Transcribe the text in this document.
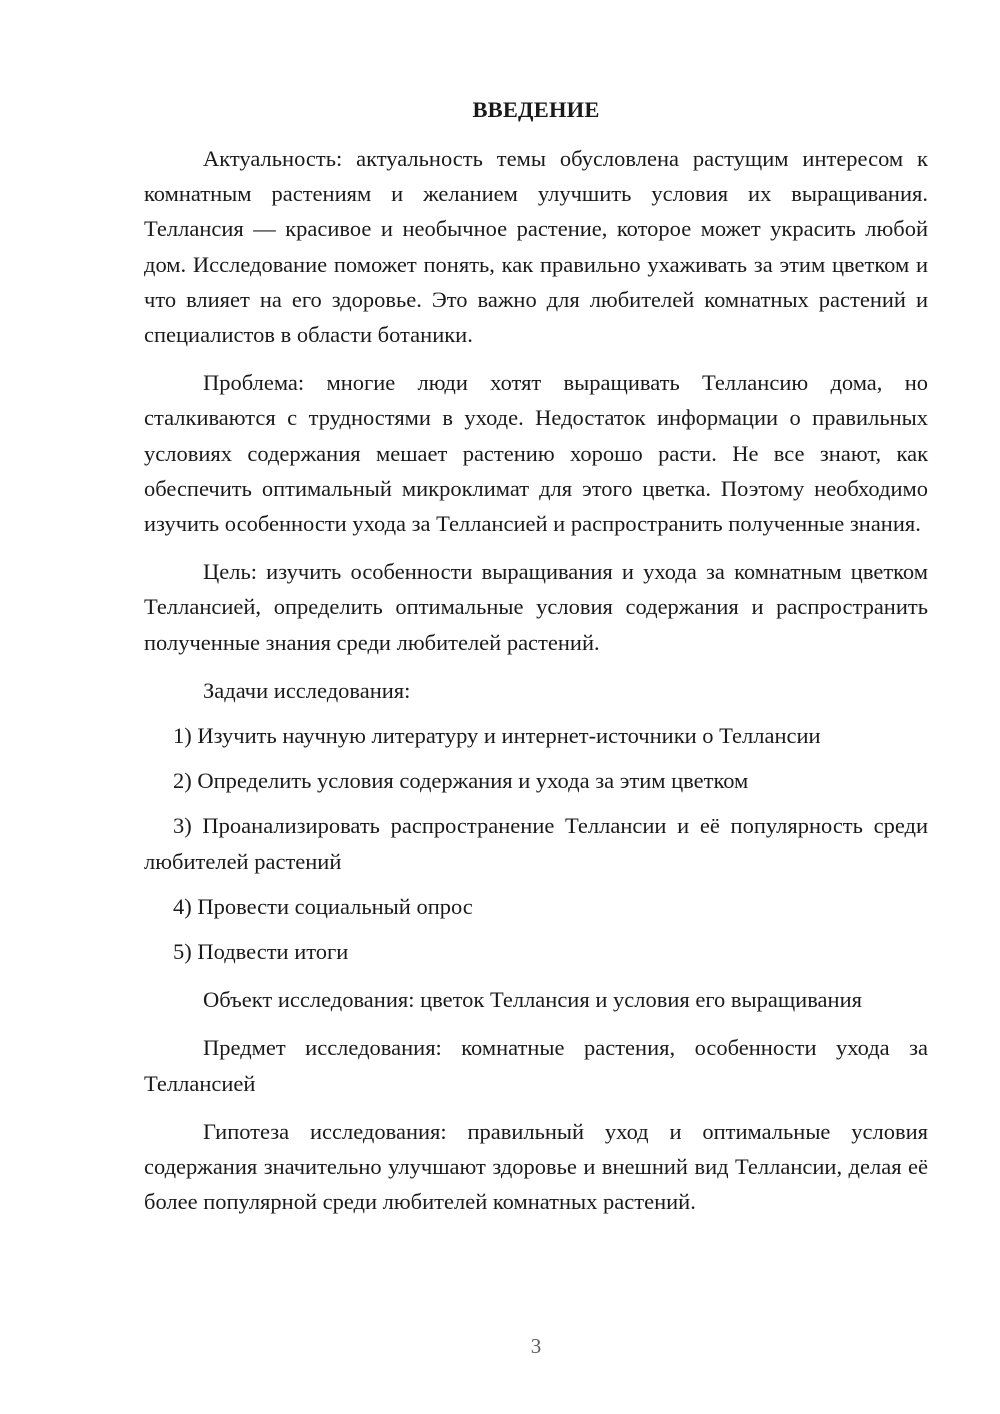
ВВЕДЕНИЕ

Актуальность: актуальность темы обусловлена растущим интересом к комнатным растениям и желанием улучшить условия их выращивания. Теллансия — красивое и необычное растение, которое может украсить любой дом. Исследование поможет понять, как правильно ухаживать за этим цветком и что влияет на его здоровье. Это важно для любителей комнатных растений и специалистов в области ботаники.

Проблема: многие люди хотят выращивать Теллансию дома, но сталкиваются с трудностями в уходе. Недостаток информации о правильных условиях содержания мешает растению хорошо расти. Не все знают, как обеспечить оптимальный микроклимат для этого цветка. Поэтому необходимо изучить особенности ухода за Теллансией и распространить полученные знания.

Цель: изучить особенности выращивания и ухода за комнатным цветком Теллансией, определить оптимальные условия содержания и распространить полученные знания среди любителей растений.

Задачи исследования:

1) Изучить научную литературу и интернет-источники о Теллансии

2) Определить условия содержания и ухода за этим цветком

3) Проанализировать распространение Теллансии и её популярность среди любителей растений

4) Провести социальный опрос

5) Подвести итоги

Объект исследования: цветок Теллансия и условия его выращивания

Предмет исследования: комнатные растения, особенности ухода за Теллансией

Гипотеза исследования: правильный уход и оптимальные условия содержания значительно улучшают здоровье и внешний вид Теллансии, делая её более популярной среди любителей комнатных растений.

3
